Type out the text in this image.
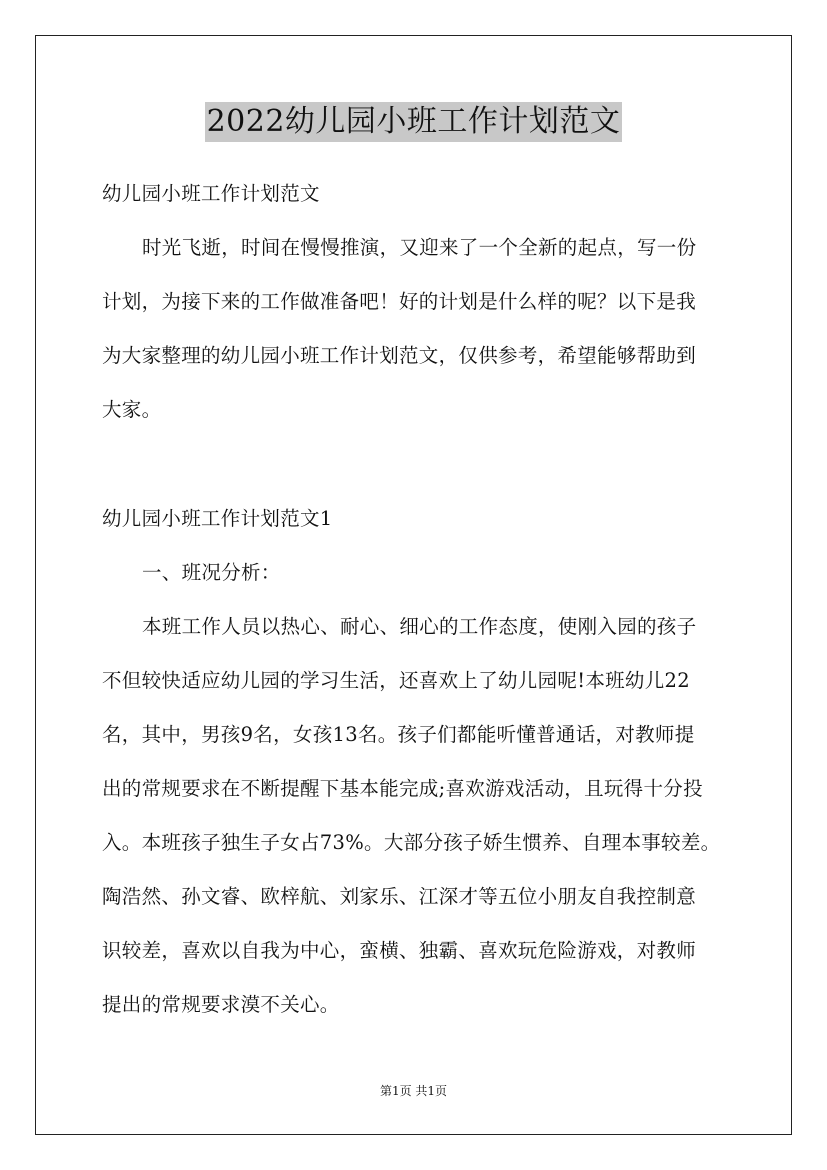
2022幼儿园小班工作计划范文
幼儿园小班工作计划范文
时光飞逝，时间在慢慢推演，又迎来了一个全新的起点，写一份
计划，为接下来的工作做准备吧！好的计划是什么样的呢？以下是我
为大家整理的幼儿园小班工作计划范文，仅供参考，希望能够帮助到
大家。
幼儿园小班工作计划范文1
一、班况分析：
本班工作人员以热心、耐心、细心的工作态度，使刚入园的孩子
不但较快适应幼儿园的学习生活，还喜欢上了幼儿园呢!本班幼儿22
名，其中，男孩9名，女孩13名。孩子们都能听懂普通话，对教师提
出的常规要求在不断提醒下基本能完成;喜欢游戏活动，且玩得十分投
入。本班孩子独生子女占73%。大部分孩子娇生惯养、自理本事较差。
陶浩然、孙文睿、欧梓航、刘家乐、江深才等五位小朋友自我控制意
识较差，喜欢以自我为中心，蛮横、独霸、喜欢玩危险游戏，对教师
提出的常规要求漠不关心。
第1页 共1页
